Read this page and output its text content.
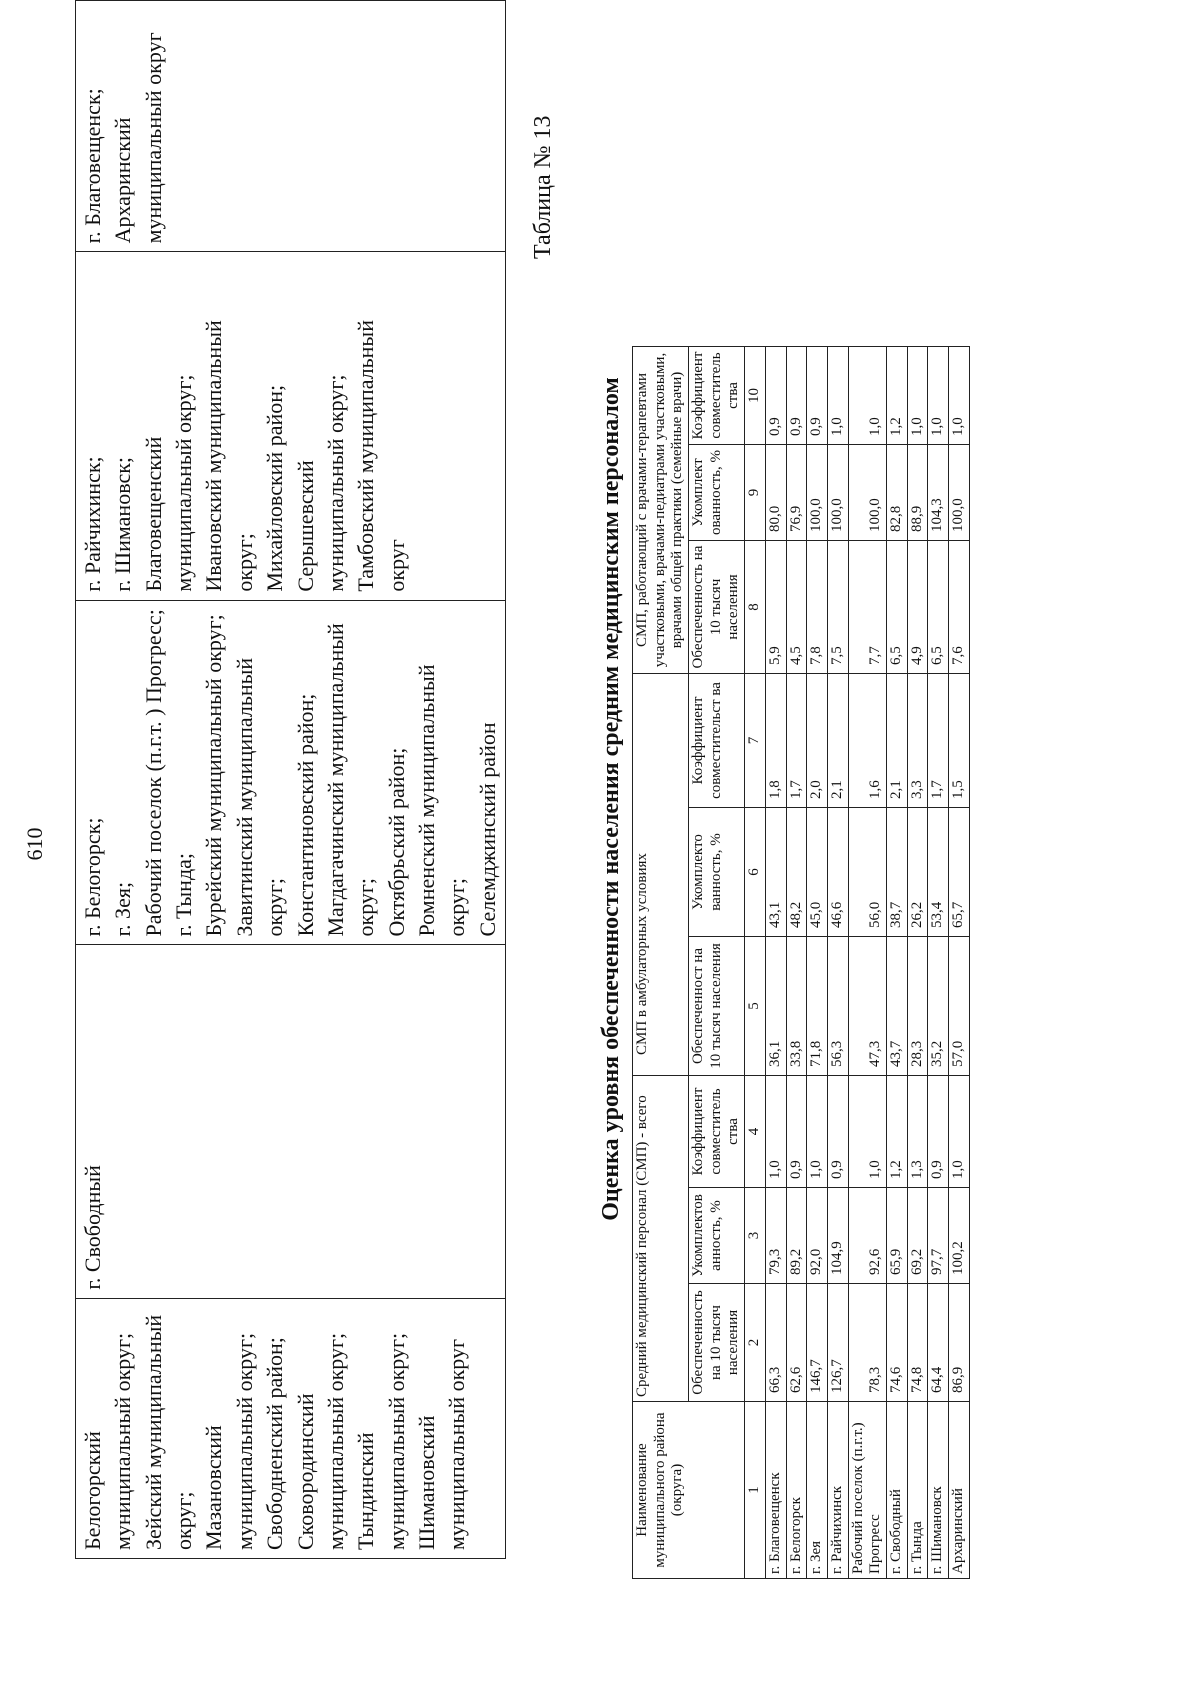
610
Белогорский муниципальный округ; Зейский муниципальный округ; Мазановский муниципальный округ; Свободненский район; Сковородинский муниципальный округ; Тындинский муниципальный округ; Шимановский муниципальный округ

г. Свободный

г. Белогорск; г. Зея; Рабочий поселок (п.г.т. ) Прогресс; г. Тында; Бурейский муниципальный округ; Завитинский муниципальный округ; Константиновский район; Магдагачинский муниципальный округ; Октябрьский район; Ромненский муниципальный округ; Селемджинский район

г. Райчихинск; г. Шимановск; Благовещенский муниципальный округ; Ивановский муниципальный округ; Михайловский район; Серышевский муниципальный округ; Тамбовский муниципальный округ

г. Благовещенск; Архаринский муниципальный округ	Таблица № 13
Оценка уровня обеспеченности населения средним медицинским персоналом
Наименование муниципального района (округа)	Средний медицинский персонал (СМП) - всего			СМП в амбулаторных условиях			СМП, работающий с врачами-терапевтами участковыми, врачами-педиатрами участковыми, врачами общей практики (семейные врачи)		
	Обеспеченность на 10 тысяч населения	Укомплектов анность, %	Коэффициент совместитель ства	Обеспеченност на 10 тысяч населения	Укомплекто ванность, %	Коэффициент совместительст ва	Обеспеченность на 10 тысяч населения	Укомплект ованность, %	Коэффициент совместитель ства
1	2	3	4	5	6	7	8	9	10
г. Благовещенск	66,3	79,3	1,0	36,1	43,1	1,8	5,9	80,0	0,9
г. Белогорск	62,6	89,2	0,9	33,8	48,2	1,7	4,5	76,9	0,9
г. Зея	146,7	92,0	1,0	71,8	45,0	2,0	7,8	100,0	0,9
г. Райчихинск	126,7	104,9	0,9	56,3	46,6	2,1	7,5	100,0	1,0
Рабочий поселок (п.г.т.) Прогресс	78,3	92,6	1,0	47,3	56,0	1,6	7,7	100,0	1,0
г. Свободный	74,6	65,9	1,2	43,7	38,7	2,1	6,5	82,8	1,2
г. Тында	74,8	69,2	1,3	28,3	26,2	3,3	4,9	88,9	1,0
г. Шимановск	64,4	97,7	0,9	35,2	53,4	1,7	6,5	104,3	1,0
Архаринский	86,9	100,2	1,0	57,0	65,7	1,5	7,6	100,0	1,0
